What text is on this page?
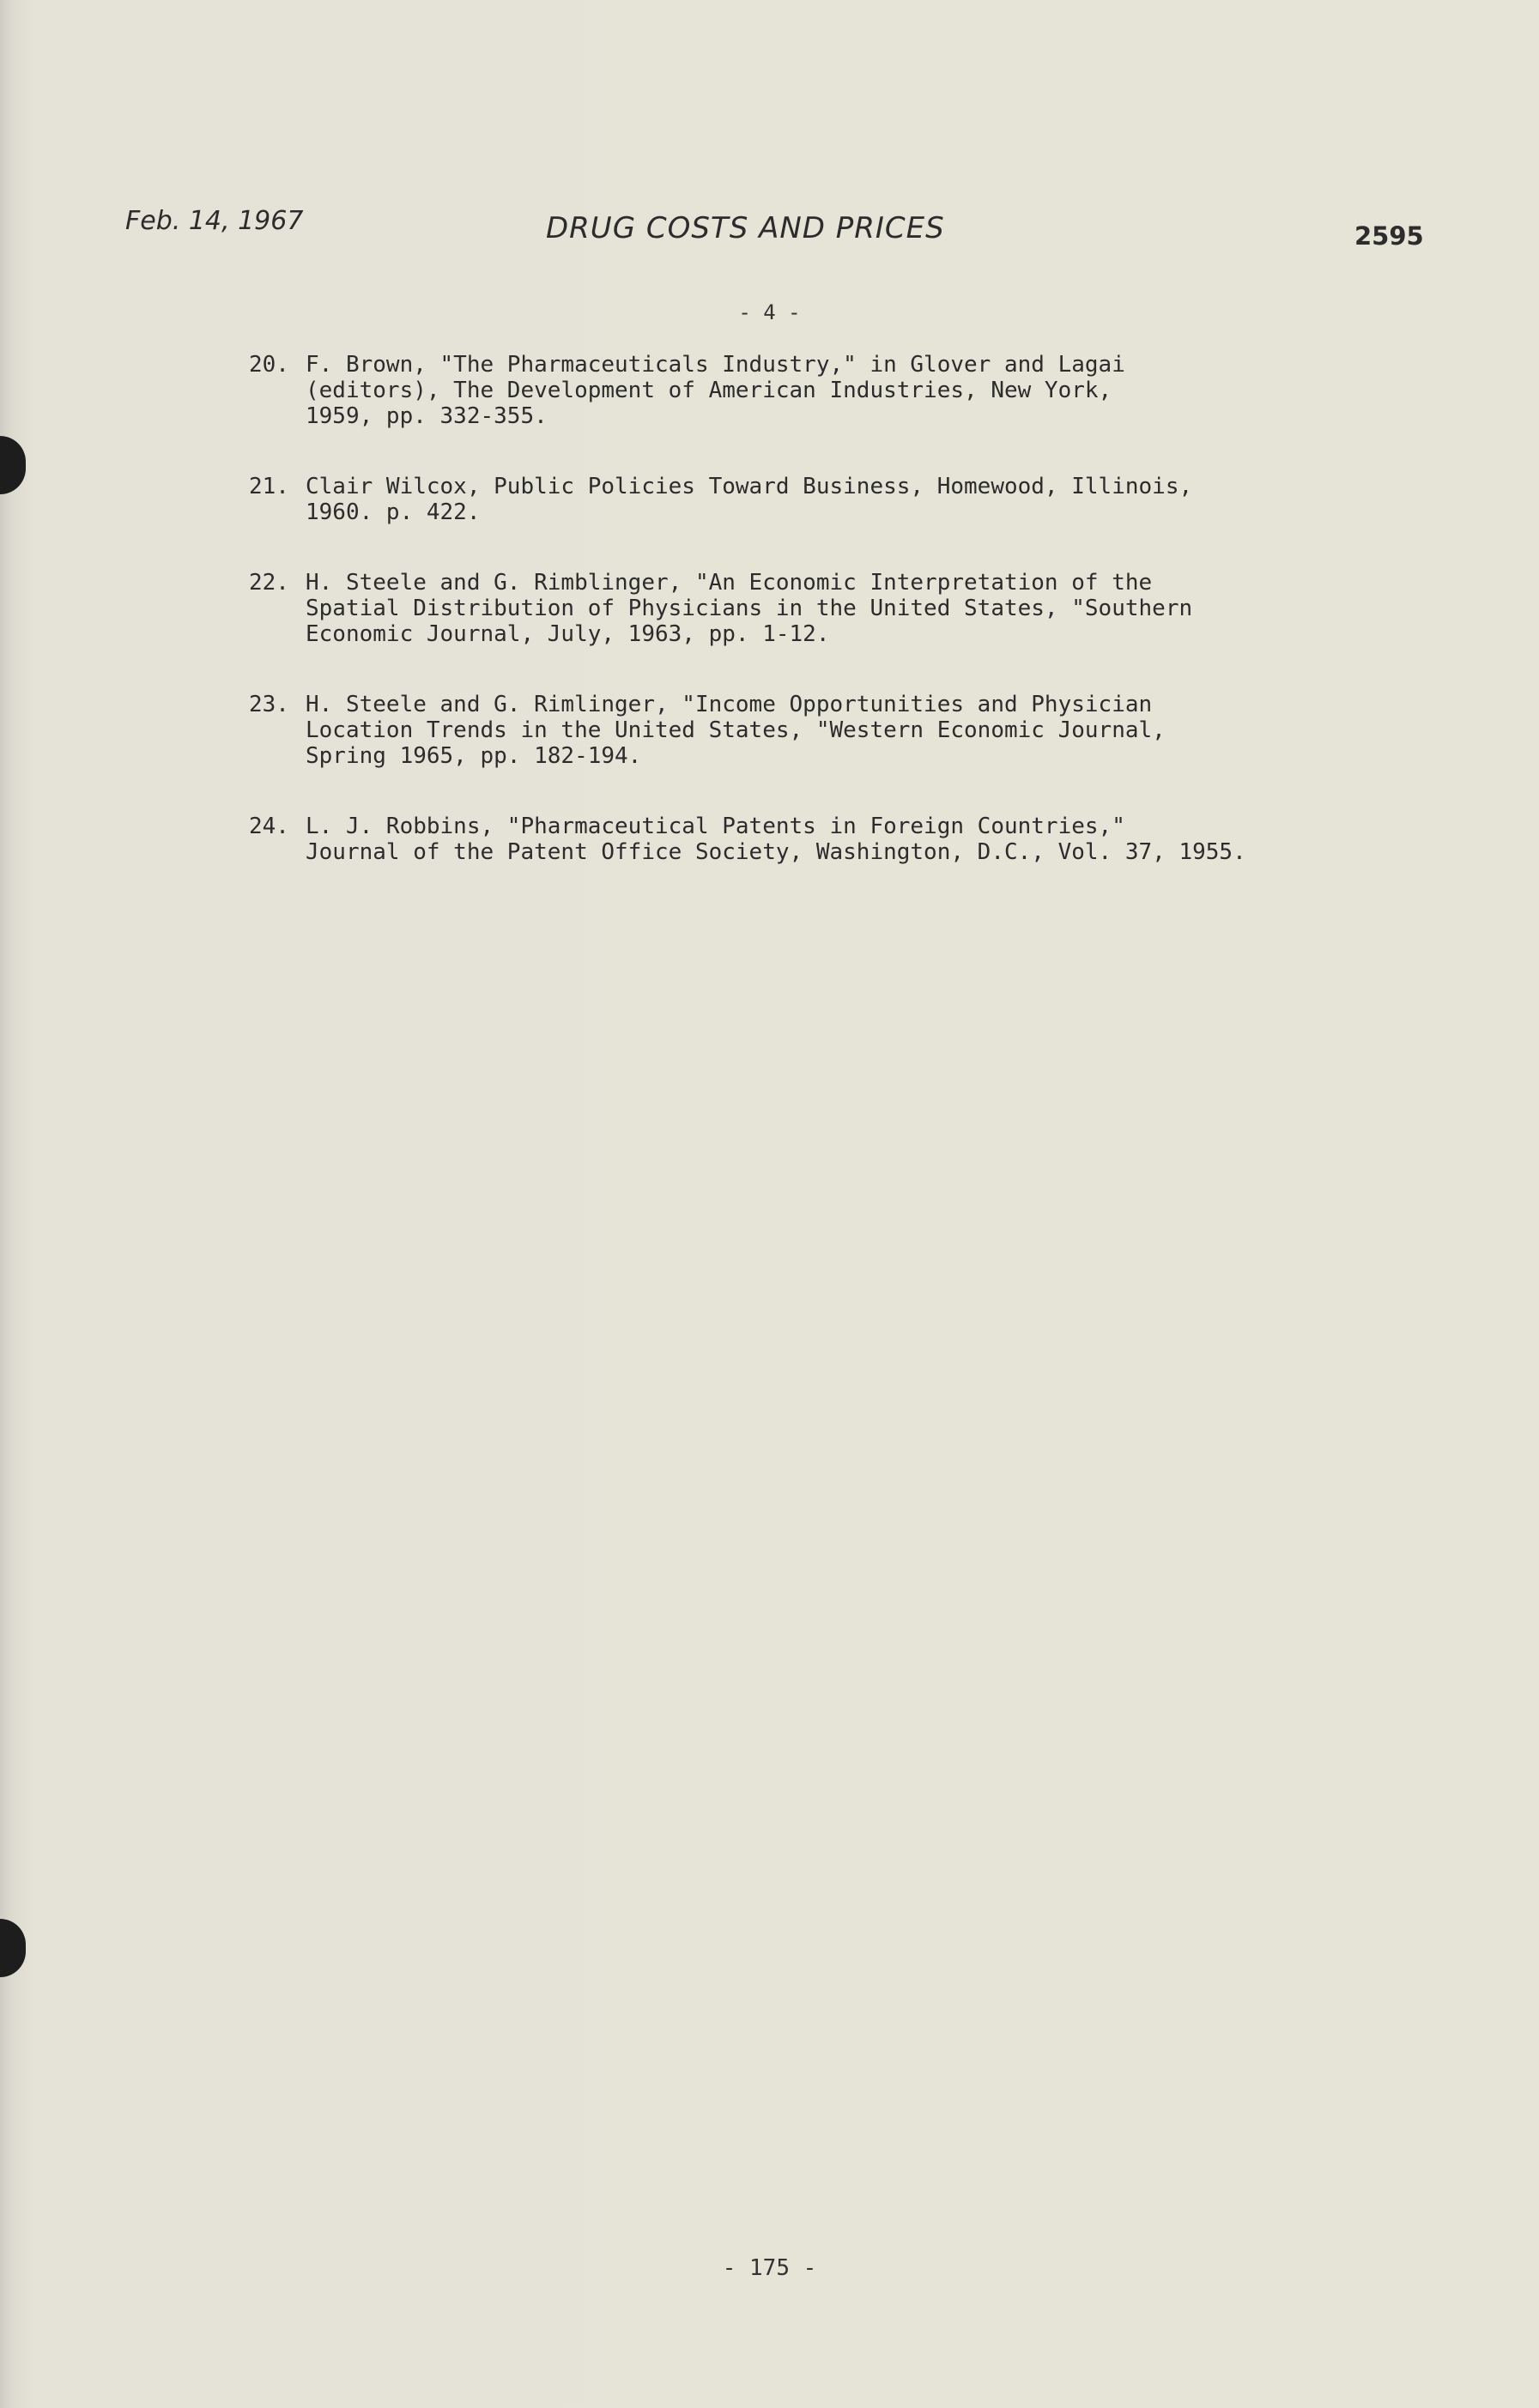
Feb. 14, 1967	DRUG COSTS AND PRICES	2595
- 4 -
20. F. Brown, "The Pharmaceuticals Industry," in Glover and Lagai
(editors), The Development of American Industries, New York,
1959, pp. 332-355.
21. Clair Wilcox, Public Policies Toward Business, Homewood, Illinois,
1960. p. 422.
22. H. Steele and G. Rimblinger, "An Economic Interpretation of the
Spatial Distribution of Physicians in the United States, "Southern
Economic Journal, July, 1963, pp. 1-12.
23. H. Steele and G. Rimlinger, "Income Opportunities and Physician
Location Trends in the United States, "Western Economic Journal,
Spring 1965, pp. 182-194.
24. L. J. Robbins, "Pharmaceutical Patents in Foreign Countries,"
Journal of the Patent Office Society, Washington, D.C., Vol. 37, 1955.
- 175 -
